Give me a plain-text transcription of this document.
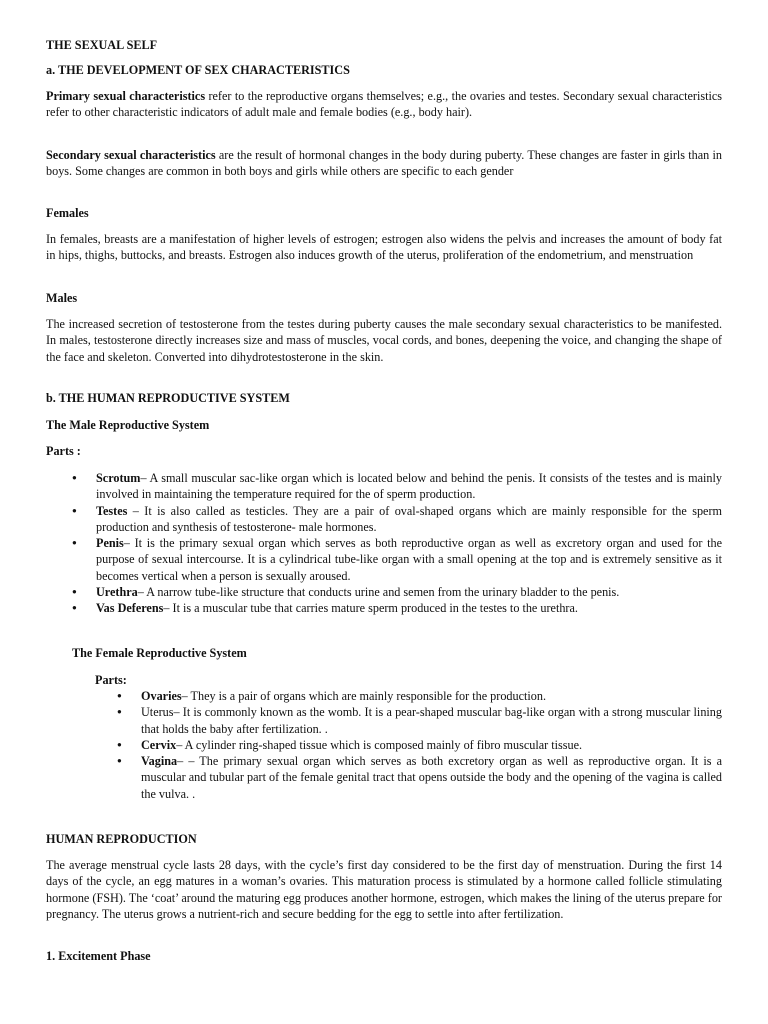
THE SEXUAL SELF
a. THE DEVELOPMENT OF SEX CHARACTERISTICS

Primary sexual characteristics refer to the reproductive organs themselves; e.g., the ovaries and testes. Secondary sexual characteristics refer to other characteristic indicators of adult male and female bodies (e.g., body hair).

Secondary sexual characteristics are the result of hormonal changes in the body during puberty. These changes are faster in girls than in boys. Some changes are common in both boys and girls while others are specific to each gender

Females

In females, breasts are a manifestation of higher levels of estrogen; estrogen also widens the pelvis and increases the amount of body fat in hips, thighs, buttocks, and breasts. Estrogen also induces growth of the uterus, proliferation of the endometrium, and menstruation

Males

The increased secretion of testosterone from the testes during puberty causes the male secondary sexual characteristics to be manifested. In males, testosterone directly increases size and mass of muscles, vocal cords, and bones, deepening the voice, and changing the shape of the face and skeleton. Converted into dihydrotestosterone in the skin.

b. THE HUMAN REPRODUCTIVE SYSTEM
The Male Reproductive System
Parts :
● Scrotum– A small muscular sac-like organ which is located below and behind the penis. It consists of the testes and is mainly involved in maintaining the temperature required for the of sperm production.
● Testes – It is also called as testicles. They are a pair of oval-shaped organs which are mainly responsible for the sperm production and synthesis of testosterone- male hormones.
● Penis– It is the primary sexual organ which serves as both reproductive organ as well as excretory organ and used for the purpose of sexual intercourse. It is a cylindrical tube-like organ with a small opening at the top and is extremely sensitive as it becomes vertical when a person is sexually aroused.
● Urethra– A narrow tube-like structure that conducts urine and semen from the urinary bladder to the penis.
● Vas Deferens– It is a muscular tube that carries mature sperm produced in the testes to the urethra.
The Female Reproductive System
Parts:
● Ovaries– They is a pair of organs which are mainly responsible for the production.
● Uterus– It is commonly known as the womb. It is a pear-shaped muscular bag-like organ with a strong muscular lining that holds the baby after fertilization. .
● Cervix– A cylinder ring-shaped tissue which is composed mainly of fibro muscular tissue.
● Vagina– – The primary sexual organ which serves as both excretory organ as well as reproductive organ. It is a muscular and tubular part of the female genital tract that opens outside the body and the opening of the vagina is called the vulva. .
HUMAN REPRODUCTION

The average menstrual cycle lasts 28 days, with the cycle’s first day considered to be the first day of menstruation. During the first 14 days of the cycle, an egg matures in a woman’s ovaries. This maturation process is stimulated by a hormone called follicle stimulating hormone (FSH). The ‘coat’ around the maturing egg produces another hormone, estrogen, which makes the lining of the uterus prepare for pregnancy. The uterus grows a nutrient-rich and secure bedding for the egg to settle into after fertilization.

1. Excitement Phase
